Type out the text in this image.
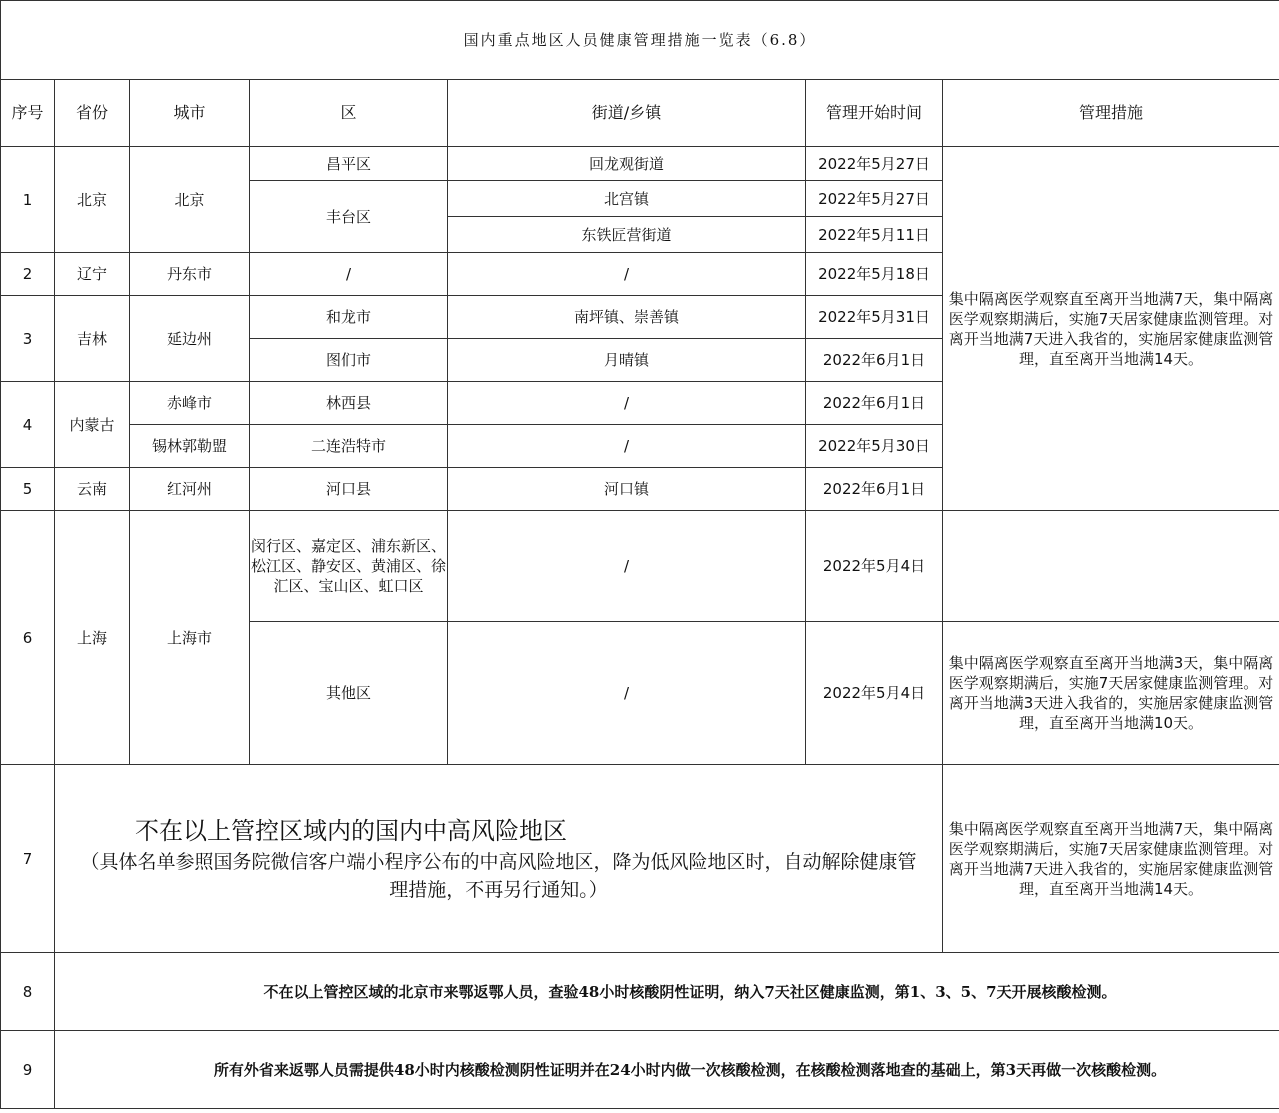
国内重点地区人员健康管理措施一览表（6.8）						
序号	省份	城市	区	街道/乡镇	管理开始时间	管理措施
1	北京	北京	昌平区	回龙观街道	2022年5月27日	集中隔离医学观察直至离开当地满7天，集中隔离医学观察期满后，实施7天居家健康监测管理。对离开当地满7天进入我省的，实施居家健康监测管理，直至离开当地满14天。
			丰台区	北宫镇	2022年5月27日	
				东铁匠营街道	2022年5月11日	
2	辽宁	丹东市	/	/	2022年5月18日	
3	吉林	延边州	和龙市	南坪镇、崇善镇	2022年5月31日	
			图们市	月晴镇	2022年6月1日	
4	内蒙古	赤峰市	林西县	/	2022年6月1日	
		锡林郭勒盟	二连浩特市	/	2022年5月30日	
5	云南	红河州	河口县	河口镇	2022年6月1日	
6	上海	上海市	闵行区、嘉定区、浦东新区、松江区、静安区、黄浦区、徐汇区、宝山区、虹口区	/	2022年5月4日	
			其他区	/	2022年5月4日	集中隔离医学观察直至离开当地满3天，集中隔离医学观察期满后，实施7天居家健康监测管理。对离开当地满3天进入我省的，实施居家健康监测管理，直至离开当地满10天。
7	不在以上管控区域内的国内中高风险地区
（具体名单参照国务院微信客户端小程序公布的中高风险地区，降为低风险地区时，自动解除健康管理措施，不再另行通知。）					集中隔离医学观察直至离开当地满7天，集中隔离医学观察期满后，实施7天居家健康监测管理。对离开当地满7天进入我省的，实施居家健康监测管理，直至离开当地满14天。
8	不在以上管控区域的北京市来鄂返鄂人员，查验48小时核酸阴性证明，纳入7天社区健康监测，第1、3、5、7天开展核酸检测。					
9	所有外省来返鄂人员需提供48小时内核酸检测阴性证明并在24小时内做一次核酸检测，在核酸检测落地查的基础上，第3天再做一次核酸检测。					
